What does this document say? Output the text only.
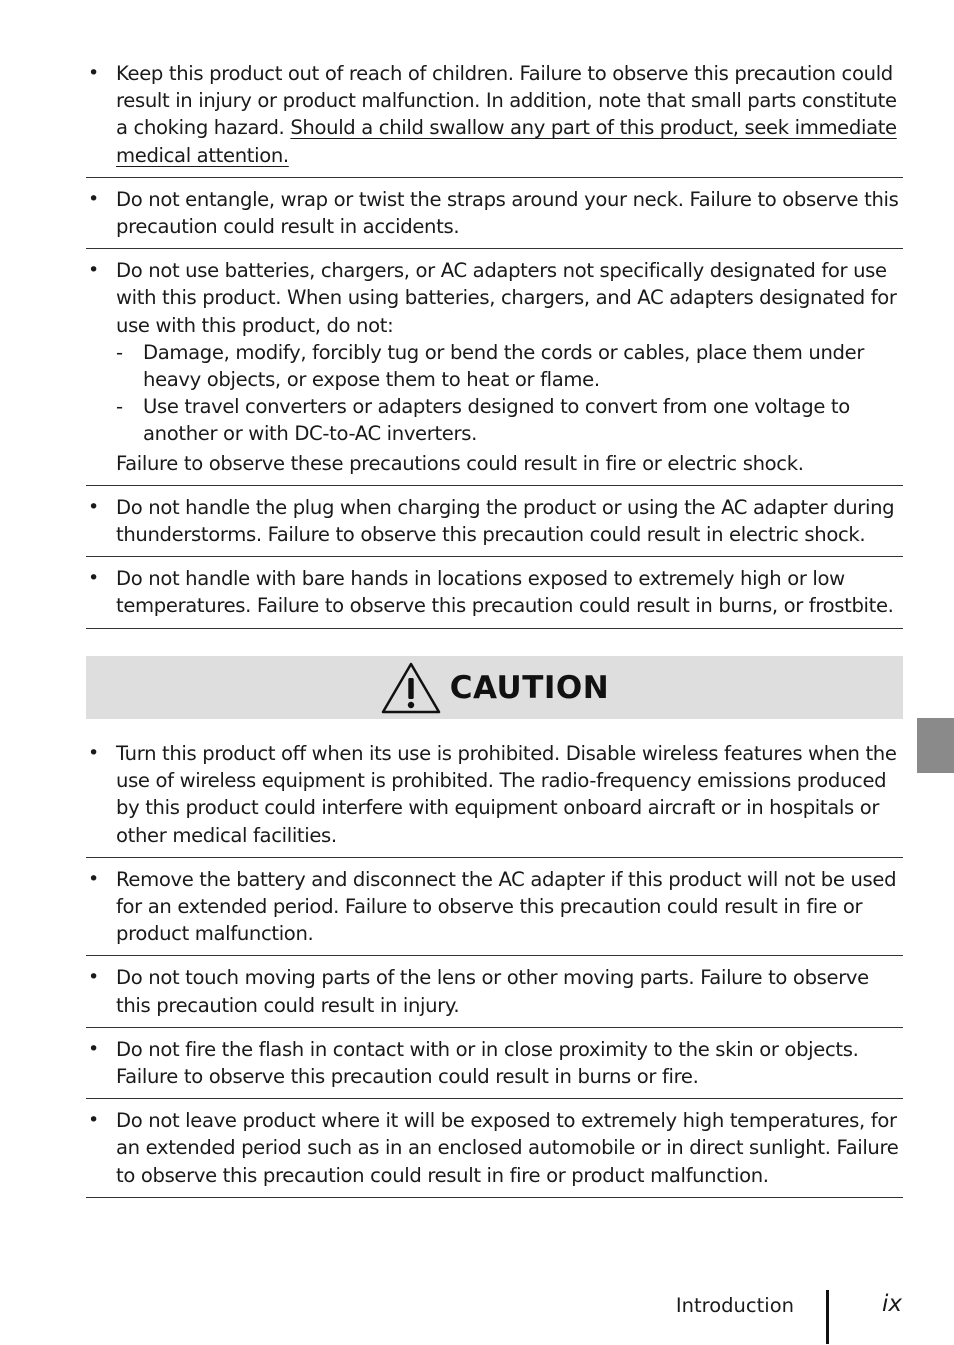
• Keep this product out of reach of children. Failure to observe this precaution could result in injury or product malfunction. In addition, note that small parts constitute a choking hazard. Should a child swallow any part of this product, seek immediate medical attention.
• Do not entangle, wrap or twist the straps around your neck. Failure to observe this precaution could result in accidents.
• Do not use batteries, chargers, or AC adapters not specifically designated for use with this product. When using batteries, chargers, and AC adapters designated for use with this product, do not:
- Damage, modify, forcibly tug or bend the cords or cables, place them under heavy objects, or expose them to heat or flame.
- Use travel converters or adapters designed to convert from one voltage to another or with DC-to-AC inverters.
Failure to observe these precautions could result in fire or electric shock.
• Do not handle the plug when charging the product or using the AC adapter during thunderstorms. Failure to observe this precaution could result in electric shock.
• Do not handle with bare hands in locations exposed to extremely high or low temperatures. Failure to observe this precaution could result in burns, or frostbite.
CAUTION
• Turn this product off when its use is prohibited. Disable wireless features when the use of wireless equipment is prohibited. The radio-frequency emissions produced by this product could interfere with equipment onboard aircraft or in hospitals or other medical facilities.
• Remove the battery and disconnect the AC adapter if this product will not be used for an extended period. Failure to observe this precaution could result in fire or product malfunction.
• Do not touch moving parts of the lens or other moving parts. Failure to observe this precaution could result in injury.
• Do not fire the flash in contact with or in close proximity to the skin or objects. Failure to observe this precaution could result in burns or fire.
• Do not leave product where it will be exposed to extremely high temperatures, for an extended period such as in an enclosed automobile or in direct sunlight. Failure to observe this precaution could result in fire or product malfunction.
Introduction	ix
